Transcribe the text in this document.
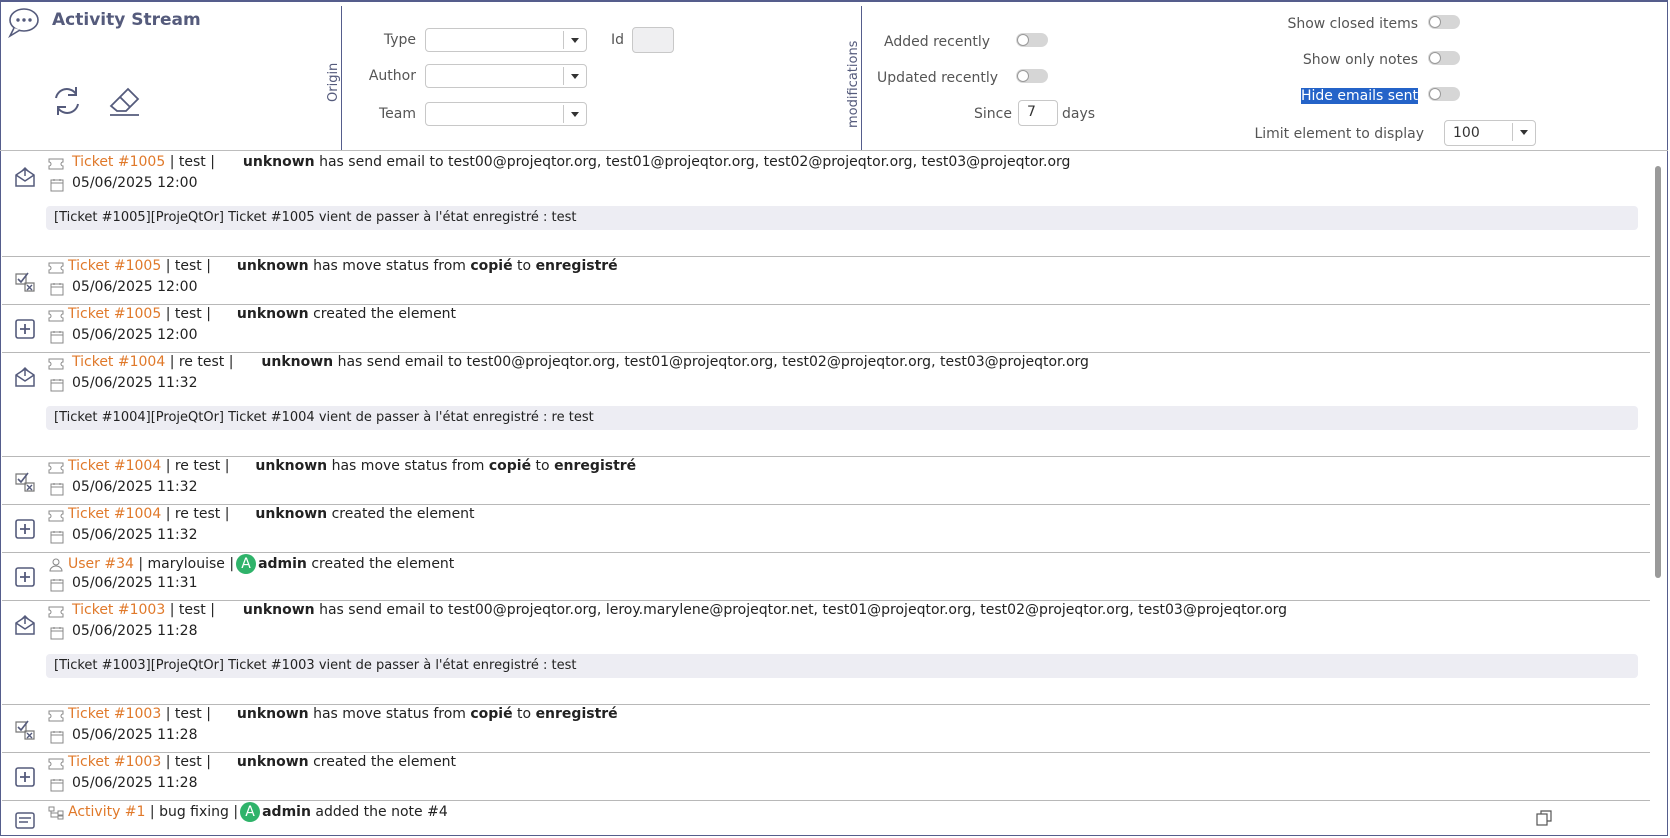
Activity Stream
Origin
Type	Id
Author
Team	modifications	Added recently
Updated recently
Since	7	days
Show closed items
Show only notes
Hide emails sent
Limit element to display 100
Ticket #1005 | test | unknown has send email to test00@projeqtor.org, test01@projeqtor.org, test02@projeqtor.org, test03@projeqtor.org
05/06/2025 12:00
[Ticket #1005][ProjeQtOr] Ticket #1005 vient de passer à l'état enregistré : test
Ticket #1005 | test | unknown has move status from copié to enregistré
05/06/2025 12:00
Ticket #1005 | test | unknown created the element
05/06/2025 12:00
Ticket #1004 | re test | unknown has send email to test00@projeqtor.org, test01@projeqtor.org, test02@projeqtor.org, test03@projeqtor.org
05/06/2025 11:32
[Ticket #1004][ProjeQtOr] Ticket #1004 vient de passer à l'état enregistré : re test
Ticket #1004 | re test | unknown has move status from copié to enregistré
05/06/2025 11:32
Ticket #1004 | re test | unknown created the element
05/06/2025 11:32
User #34 | marylouise | A admin created the element
05/06/2025 11:31
Ticket #1003 | test | unknown has send email to test00@projeqtor.org, leroy.marylene@projeqtor.net, test01@projeqtor.org, test02@projeqtor.org, test03@projeqtor.org
05/06/2025 11:28
[Ticket #1003][ProjeQtOr] Ticket #1003 vient de passer à l'état enregistré : test
Ticket #1003 | test | unknown has move status from copié to enregistré
05/06/2025 11:28
Ticket #1003 | test | unknown created the element
05/06/2025 11:28
Activity #1 | bug fixing | A admin added the note #4
